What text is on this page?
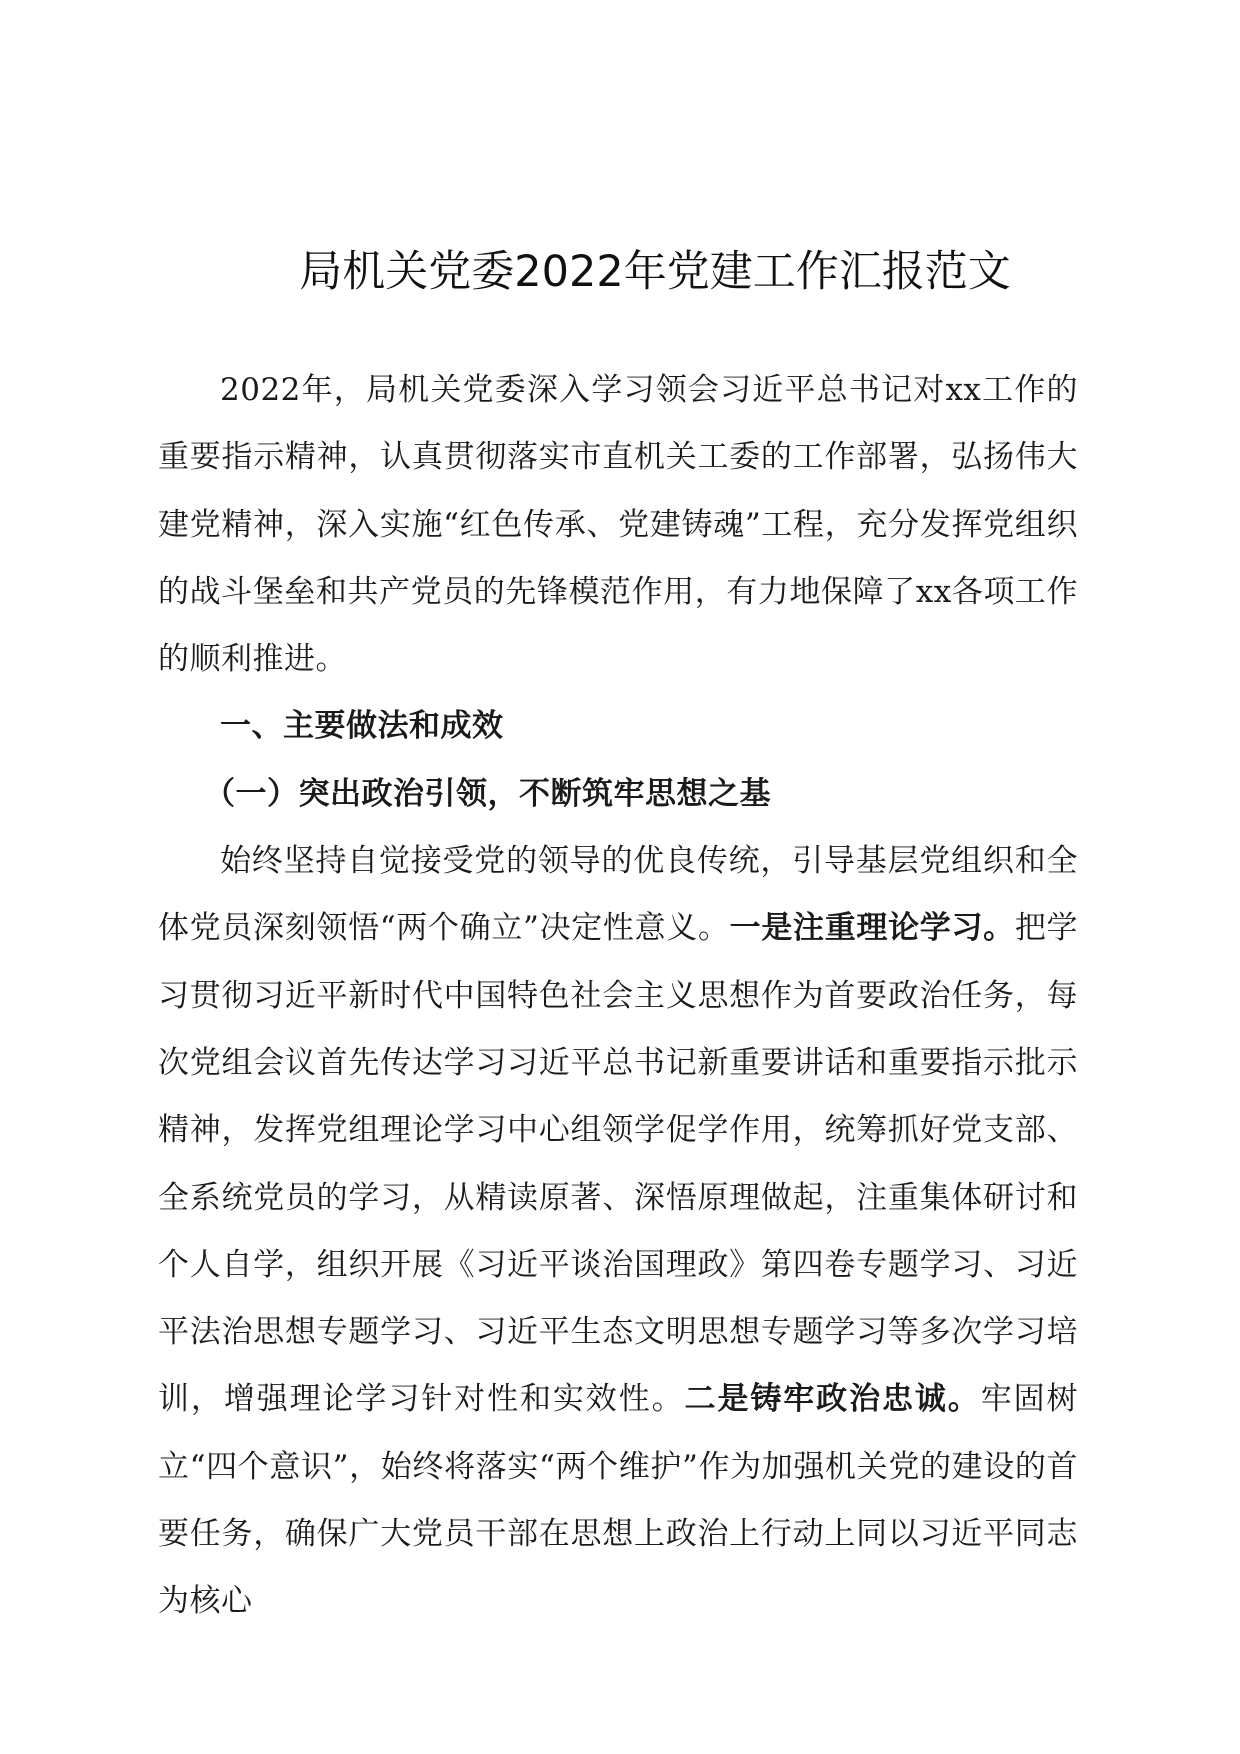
局机关党委2022年党建工作汇报范文

2022年，局机关党委深入学习领会习近平总书记对xx工作的重要指示精神，认真贯彻落实市直机关工委的工作部署，弘扬伟大建党精神，深入实施“红色传承、党建铸魂”工程，充分发挥党组织的战斗堡垒和共产党员的先锋模范作用，有力地保障了xx各项工作的顺利推进。

一、主要做法和成效

（一）突出政治引领，不断筑牢思想之基

始终坚持自觉接受党的领导的优良传统，引导基层党组织和全体党员深刻领悟“两个确立”决定性意义。一是注重理论学习。把学习贯彻习近平新时代中国特色社会主义思想作为首要政治任务，每次党组会议首先传达学习习近平总书记新重要讲话和重要指示批示精神，发挥党组理论学习中心组领学促学作用，统筹抓好党支部、全系统党员的学习，从精读原著、深悟原理做起，注重集体研讨和个人自学，组织开展《习近平谈治国理政》第四卷专题学习、习近平法治思想专题学习、习近平生态文明思想专题学习等多次学习培训，增强理论学习针对性和实效性。二是铸牢政治忠诚。牢固树立“四个意识”，始终将落实“两个维护”作为加强机关党的建设的首要任务，确保广大党员干部在思想上政治上行动上同以习近平同志为核心
